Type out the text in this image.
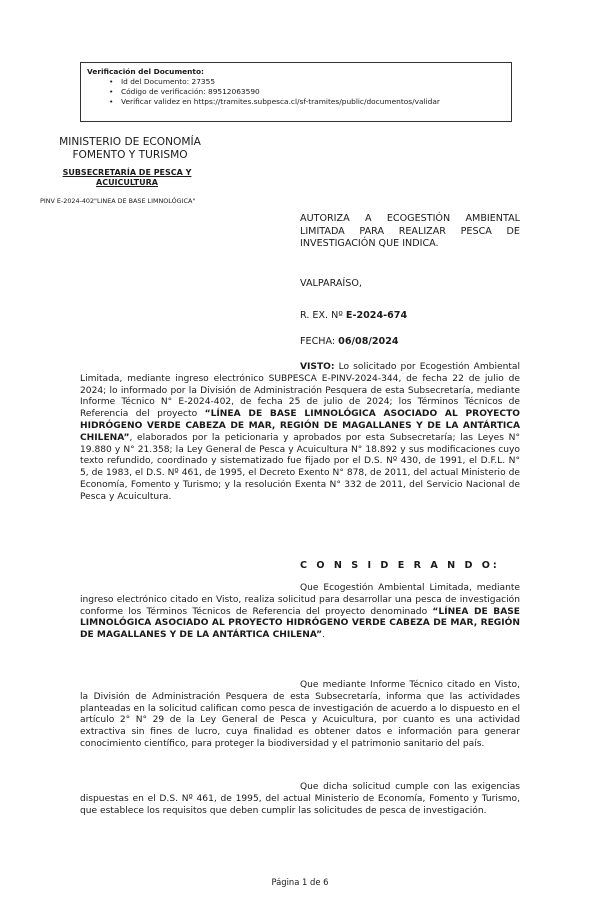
Verificación del Documento:
• Id del Documento: 27355
• Código de verificación: 89512063590
• Verificar validez en https://tramites.subpesca.cl/sf-tramites/public/documentos/validar
MINISTERIO DE ECONOMÍA
FOMENTO Y TURISMO
SUBSECRETARÍA DE PESCA Y ACUICULTURA
PINV E-2024-402"LINEA DE BASE LIMNOLÓGICA"
AUTORIZA A ECOGESTIÓN AMBIENTAL LIMITADA PARA REALIZAR PESCA DE INVESTIGACIÓN QUE INDICA.
VALPARAÍSO,
R. EX. Nº E-2024-674
FECHA: 06/08/2024
VISTO: Lo solicitado por Ecogestión Ambiental Limitada, mediante ingreso electrónico SUBPESCA E-PINV-2024-344, de fecha 22 de julio de 2024; lo informado por la División de Administración Pesquera de esta Subsecretaría, mediante Informe Técnico N° E-2024-402, de fecha 25 de julio de 2024; los Términos Técnicos de Referencia del proyecto “LÍNEA DE BASE LIMNOLÓGICA ASOCIADO AL PROYECTO HIDRÓGENO VERDE CABEZA DE MAR, REGIÓN DE MAGALLANES Y DE LA ANTÁRTICA CHILENA”, elaborados por la peticionaria y aprobados por esta Subsecretaría; las Leyes N° 19.880 y N° 21.358; la Ley General de Pesca y Acuicultura N° 18.892 y sus modificaciones cuyo texto refundido, coordinado y sistematizado fue fijado por el D.S. Nº 430, de 1991, el D.F.L. N° 5, de 1983, el D.S. Nº 461, de 1995, el Decreto Exento N° 878, de 2011, del actual Ministerio de Economía, Fomento y Turismo; y la resolución Exenta N° 332 de 2011, del Servicio Nacional de Pesca y Acuicultura.
C O N S I D E R A N D O:
Que Ecogestión Ambiental Limitada, mediante ingreso electrónico citado en Visto, realiza solicitud para desarrollar una pesca de investigación conforme los Términos Técnicos de Referencia del proyecto denominado “LÍNEA DE BASE LIMNOLÓGICA ASOCIADO AL PROYECTO HIDRÓGENO VERDE CABEZA DE MAR, REGIÓN DE MAGALLANES Y DE LA ANTÁRTICA CHILENA”.
Que mediante Informe Técnico citado en Visto, la División de Administración Pesquera de esta Subsecretaría, informa que las actividades planteadas en la solicitud califican como pesca de investigación de acuerdo a lo dispuesto en el artículo 2° N° 29 de la Ley General de Pesca y Acuicultura, por cuanto es una actividad extractiva sin fines de lucro, cuya finalidad es obtener datos e información para generar conocimiento científico, para proteger la biodiversidad y el patrimonio sanitario del país.
Que dicha solicitud cumple con las exigencias dispuestas en el D.S. Nº 461, de 1995, del actual Ministerio de Economía, Fomento y Turismo, que establece los requisitos que deben cumplir las solicitudes de pesca de investigación.
Página 1 de 6
